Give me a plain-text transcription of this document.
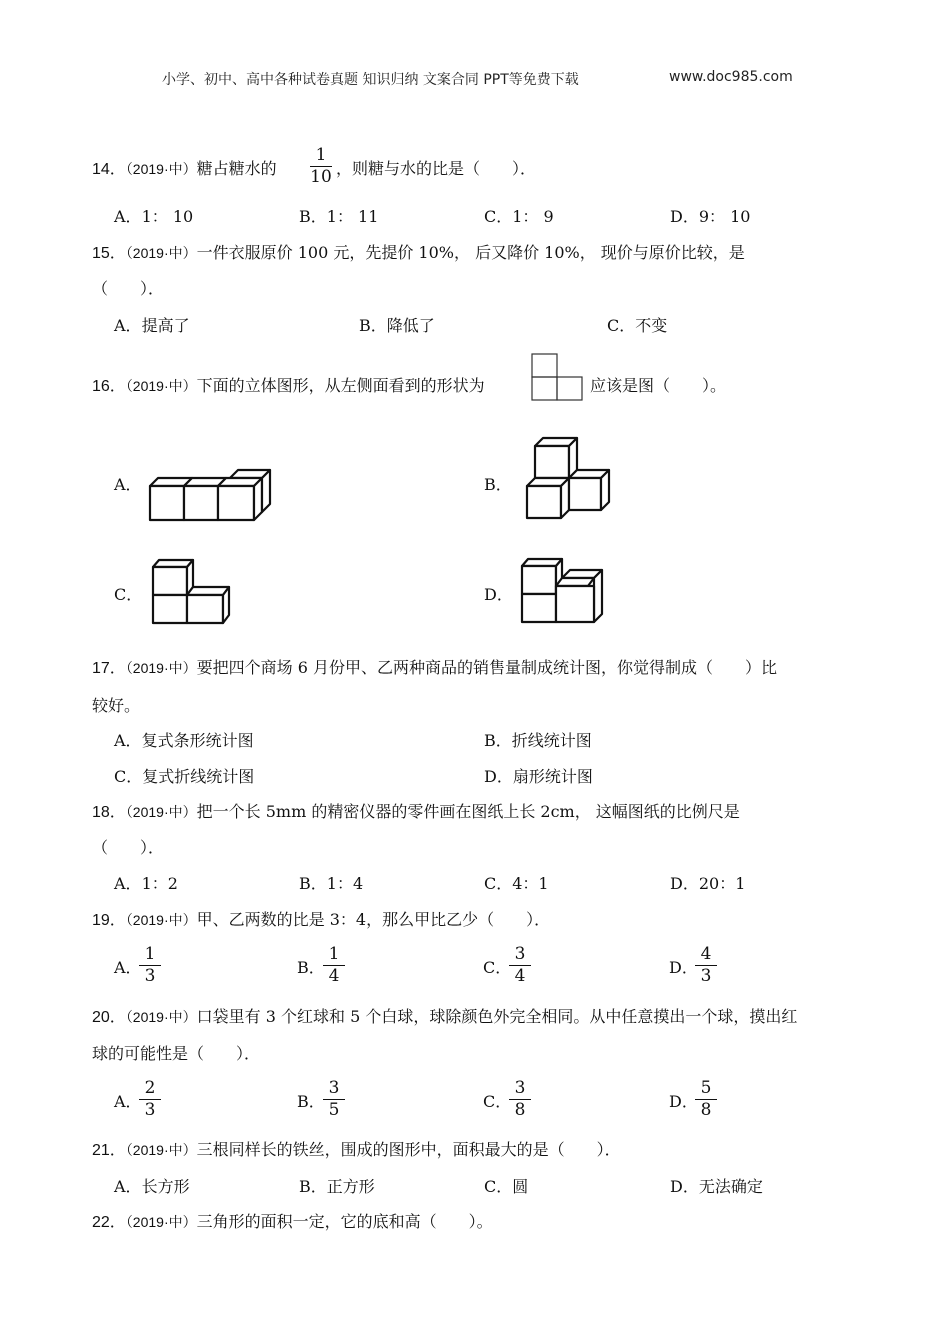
小学、初中、高中各种试卷真题 知识归纳 文案合同 PPT等免费下载	www.doc985.com
14．（2019·中）糖占糖水的
1
10 ，则糖与水的比是（　　）．
A．1： 10	B．1： 11	C．1： 9	D．9： 10
15．（2019·中）一件衣服原价 100 元，先提价 10%， 后又降价 10%， 现价与原价比较，是
（　　）．
A．提高了	B．降低了	C．不变
16．（2019·中）下面的立体图形，从左侧面看到的形状为	应该是图（　　）。
A．	B．
C．	D．
17．（2019·中）要把四个商场 6 月份甲、乙两种商品的销售量制成统计图，你觉得制成（　　）比
较好。
A．复式条形统计图	B．折线统计图
C．复式折线统计图	D．扇形统计图
18．（2019·中）把一个长 5mm 的精密仪器的零件画在图纸上长 2cm， 这幅图纸的比例尺是
（　　）．
A．1：2	B．1：4	C．4：1	D．20：1
19．（2019·中）甲、乙两数的比是 3：4，那么甲比乙少（　　）．
A．
1
3	B．
1
4	C．
3
4	D．
4
3
20．（2019·中）口袋里有 3 个红球和 5 个白球，球除颜色外完全相同。从中任意摸出一个球，摸出红
球的可能性是（　　）．
A．
2
3	B．
3
5	C．
3
8	D．
5
8
21．（2019·中）三根同样长的铁丝，围成的图形中，面积最大的是（　　）．
A．长方形	B．正方形	C．圆	D．无法确定
22．（2019·中）三角形的面积一定，它的底和高（　　）。
